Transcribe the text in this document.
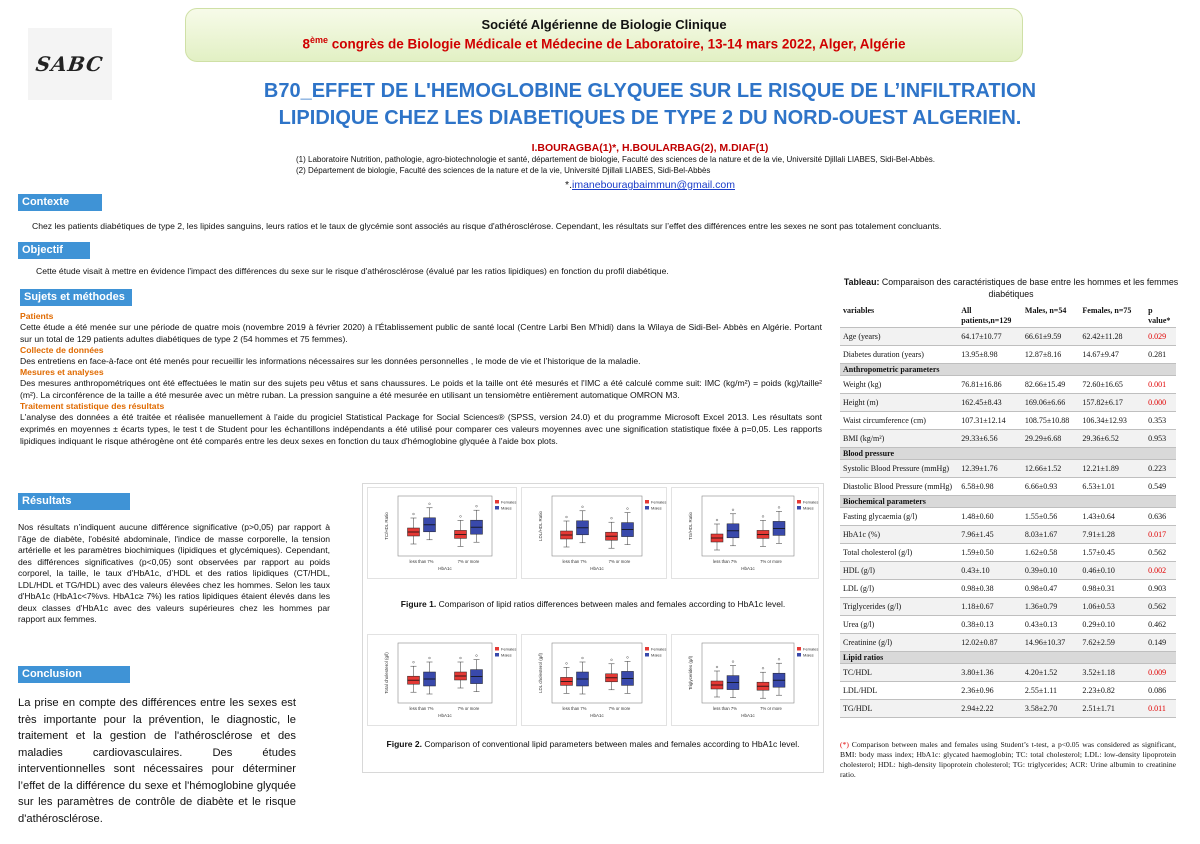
Société Algérienne de Biologie Clinique
8ème congrès de Biologie Médicale et Médecine de Laboratoire, 13-14 mars 2022, Alger, Algérie
SABC
B70_EFFET DE L'HEMOGLOBINE GLYQUEE SUR LE RISQUE DE L’INFILTRATION
LIPIDIQUE CHEZ LES DIABETIQUES DE TYPE 2 DU NORD-OUEST ALGERIEN.
I.BOURAGBA(1)*, H.BOULARBAG(2), M.DIAF(1)
(1) Laboratoire Nutrition, pathologie, agro-biotechnologie et santé, département de biologie, Faculté des sciences de la nature et de la vie, Université Djillali LIABES, Sidi-Bel-Abbès.
(2) Département de biologie, Faculté des sciences de la nature et de la vie, Université Djillali LIABES, Sidi-Bel-Abbès
*.imanebouragbaimmun@gmail.com
Contexte
Chez les patients diabétiques de type 2, les lipides sanguins, leurs ratios et le taux de glycémie sont associés au risque d'athérosclérose. Cependant, les résultats sur l’effet des différences entre les sexes ne sont pas totalement concluants.
Objectif
Cette étude visait à mettre en évidence l'impact des différences du sexe sur le risque d'athérosclérose (évalué par les ratios lipidiques) en fonction du profil diabétique.
Sujets et méthodes
Patients
Cette étude a été menée sur une période de quatre mois (novembre 2019 à février 2020) à l'Établissement public de santé local (Centre Larbi Ben M'hidi) dans la Wilaya de Sidi-Bel- Abbès en Algérie. Portant sur un total de 129 patients adultes diabétiques de type 2 (54 hommes et 75 femmes).
Collecte de données
Des entretiens en face-à-face ont été menés pour recueillir les informations nécessaires sur les données personnelles , le mode de vie et l’historique de la maladie.
Mesures et analyses
Des mesures anthropométriques ont été effectuées le matin sur des sujets peu vêtus et sans chaussures. Le poids et la taille ont été mesurés et l'IMC a été calculé comme suit: IMC (kg/m²) = poids (kg)/taille² (m²). La circonférence de la taille a été mesurée avec un mètre ruban. La pression sanguine a été mesurée en utilisant un tensiomètre entièrement automatique OMRON M3.
Traitement statistique des résultats
L'analyse des données a été traitée et réalisée manuellement à l'aide du progiciel Statistical Package for Social Sciences® (SPSS, version 24.0) et du programme Microsoft Excel 2013. Les résultats sont exprimés en moyennes ± écarts types, le test t de Student pour les échantillons indépendants a été utilisé pour comparer ces valeurs moyennes avec une signification statistique fixée à p=0,05. Les rapports lipidiques indiquant le risque athérogène ont été comparés entre les deux sexes en fonction du taux d'hémoglobine glyquée à l'aide box plots.
Résultats
Nos résultats n’indiquent aucune différence significative (p>0,05) par rapport à l’âge de diabète, l'obésité abdominale, l'indice de masse corporelle, la tension artérielle et les paramètres biochimiques (lipidiques et glycémiques). Cependant, des différences significatives (p<0,05) sont observées par rapport au poids corporel, la taille, le taux d'HbA1c, d’HDL et des ratios lipidiques (CT/HDL, LDL/HDL et TG/HDL) avec des valeurs élevées chez les hommes. Selon les taux d'HbA1c (HbA1c<7%vs. HbA1c≥ 7%) les ratios lipidiques étaient élevés dans les deux classes d'HbA1c avec des valeurs supérieures chez les hommes par rapport aux femmes.
Conclusion
La prise en compte des différences entre les sexes est très importante pour la prévention, le diagnostic, le traitement et la gestion de l'athérosclérose et des maladies cardiovasculaires. Des études interventionnelles sont nécessaires pour déterminer l’effet de la différence du sexe et l'hémoglobine glyquée sur les paramètres de contrôle de diabète et le risque d'athérosclérose.
TC/HDL Ratio
HbA1c
Females
Males
less than 7%	7% or more
LDL/HDL Ratio
HbA1c
Females
Males
less than 7%	7% or more
TG/HDL Ratio
HbA1c
Females
Males
less than 7%	7% or more
Figure 1. Comparison of lipid ratios differences between males and females according to HbA1c level.
Total cholesterol (g/l)
HbA1c
Females
Males
less than 7%	7% or more
LDL cholesterol (g/l)
HbA1c
Females
Males
less than 7%	7% or more
Triglycerides (g/l)
HbA1c
Females
Males
less than 7%	7% or more
Figure 2. Comparison of conventional lipid parameters between males and females according to HbA1c level.
Tableau: Comparaison des caractéristiques de base entre les hommes et les femmes diabétiques
variables	All patients,n=129	Males, n=54	Females, n=75	p value*
Age (years)	64.17±10.77	66.61±9.59	62.42±11.28	0.029
Diabetes duration (years)	13.95±8.98	12.87±8.16	14.67±9.47	0.281
Anthropometric parameters				
Weight (kg)	76.81±16.86	82.66±15.49	72.60±16.65	0.001
Height (m)	162.45±8.43	169.06±6.66	157.82±6.17	0.000
Waist circumference (cm)	107.31±12.14	108.75±10.88	106.34±12.93	0.353
BMI (kg/m²)	29.33±6.56	29.29±6.68	29.36±6.52	0.953
Blood pressure				
Systolic Blood Pressure (mmHg)	12.39±1.76	12.66±1.52	12.21±1.89	0.223
Diastolic Blood Pressure (mmHg)	6.58±0.98	6.66±0.93	6.53±1.01	0.549
Biochemical parameters				
Fasting glycaemia (g/l)	1.48±0.60	1.55±0.56	1.43±0.64	0.636
HbA1c (%)	7.96±1.45	8.03±1.67	7.91±1.28	0.017
Total cholesterol (g/l)	1.59±0.50	1.62±0.58	1.57±0.45	0.562
HDL (g/l)	0.43±.10	0.39±0.10	0.46±0.10	0.002
LDL (g/l)	0.98±0.38	0.98±0.47	0.98±0.31	0.903
Triglycerides (g/l)	1.18±0.67	1.36±0.79	1.06±0.53	0.562
Urea (g/l)	0.38±0.13	0.43±0.13	0.29±0.10	0.462
Creatinine (g/l)	12.02±0.87	14.96±10.37	7.62±2.59	0.149
Lipid ratios				
TC/HDL	3.80±1.36	4.20±1.52	3.52±1.18	0.009
LDL/HDL	2.36±0.96	2.55±1.11	2.23±0.82	0.086
TG/HDL	2.94±2.22	3.58±2.70	2.51±1.71	0.011
(*) Comparison between males and females using Student’s t-test, a p<0.05 was considered as significant, BMI: body mass index; HbA1c: glycated haemoglobin; TC: total cholesterol; LDL: low-density lipoprotein cholesterol; HDL: high-density lipoprotein cholesterol; TG: triglycerides; ACR: Urine albumin to creatinine ratio.
